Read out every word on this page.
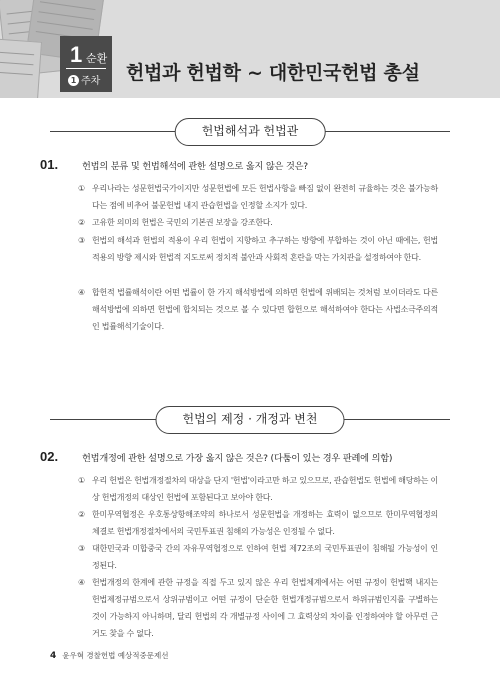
1 순환
1 주차 헌법과 헌법학 ~ 대한민국헌법 총설
헌법해석과 헌법관
01.	헌법의 분류 및 헌법해석에 관한 설명으로 옳지 않은 것은?
① 우리나라는 성문헌법국가이지만 성문헌법에 모든 헌법사항을 빠짐 없이 완전히 규율하는 것은 불가능하다는 점에 비추어 불문헌법 내지 관습헌법을 인정할 소지가 있다.
② 고유한 의미의 헌법은 국민의 기본권 보장을 강조한다.
③ 헌법의 해석과 헌법의 적용이 우리 헌법이 지향하고 추구하는 방향에 부합하는 것이 아닌 때에는, 헌법적용의 방향 제시와 헌법적 지도로써 정치적 불안과 사회적 혼란을 막는 가치관을 설정하여야 한다.
④ 합헌적 법률해석이란 어떤 법률이 한 가지 해석방법에 의하면 헌법에 위배되는 것처럼 보이더라도 다른 해석방법에 의하면 헌법에 합치되는 것으로 볼 수 있다면 합헌으로 해석하여야 한다는 사법소극주의적인 법률해석기술이다.
헌법의 제정 · 개정과 변천
02.	헌법개정에 관한 설명으로 가장 옳지 않은 것은? (다툼이 있는 경우 판례에 의함)
① 우리 헌법은 헌법개정절차의 대상을 단지 '헌법'이라고만 하고 있으므로, 관습헌법도 헌법에 해당하는 이상 헌법개정의 대상인 헌법에 포함된다고 보아야 한다.
② 한미무역협정은 우호통상항해조약의 하나로서 성문헌법을 개정하는 효력이 없으므로 한미무역협정의 체결로 헌법개정절차에서의 국민투표권 침해의 가능성은 인정될 수 없다.
③ 대한민국과 미합중국 간의 자유무역협정으로 인하여 헌법 제72조의 국민투표권이 침해될 가능성이 인정된다.
④ 헌법개정의 한계에 관한 규정을 직접 두고 있지 않은 우리 헌법체계에서는 어떤 규정이 헌법핵 내지는 헌법제정규범으로서 상위규범이고 어떤 규정이 단순한 헌법개정규범으로서 하위규범인지를 구별하는 것이 가능하지 아니하며, 달리 헌법의 각 개별규정 사이에 그 효력상의 차이를 인정하여야 할 아무런 근거도 찾을 수 없다.
4 윤우혁 경찰헌법 예상적중문제선
